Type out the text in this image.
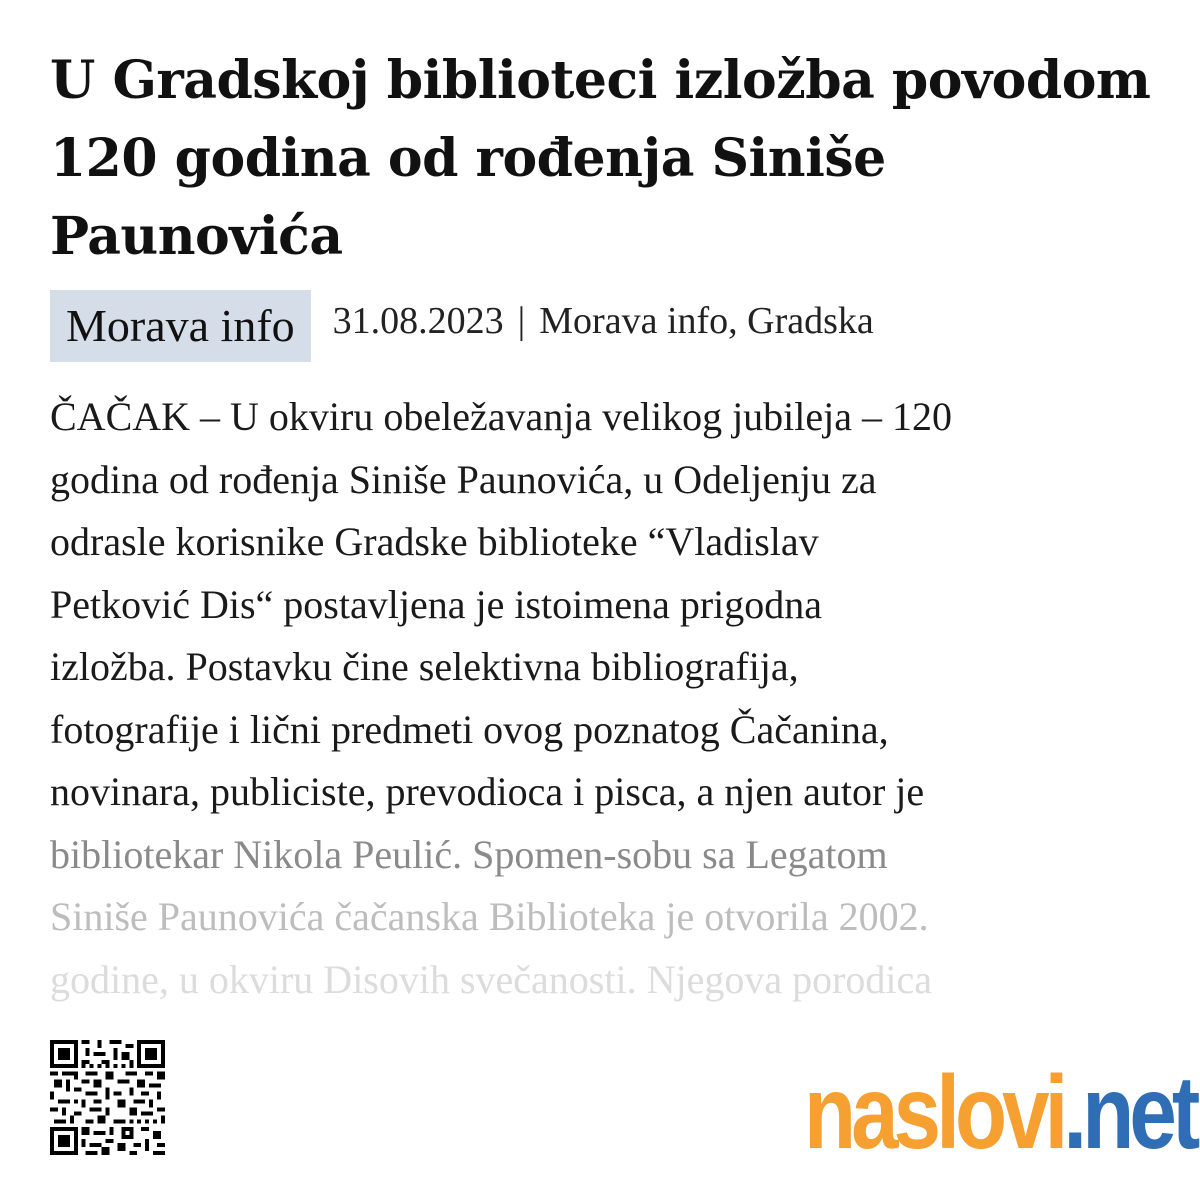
U Gradskoj biblioteci izložba povodom 120 godina od rođenja Siniše Paunovića
Morava info	31.08.2023 | Morava info, Gradska
ČAČAK – U okviru obeležavanja velikog jubileja – 120
godina od rođenja Siniše Paunovića, u Odeljenju za
odrasle korisnike Gradske biblioteke “Vladislav
Petković Dis“ postavljena je istoimena prigodna
izložba. Postavku čine selektivna bibliografija,
fotografije i lični predmeti ovog poznatog Čačanina,
novinara, publiciste, prevodioca i pisca, a njen autor je
bibliotekar Nikola Peulić. Spomen-sobu sa Legatom
Siniše Paunovića čačanska Biblioteka je otvorila 2002.
godine, u okviru Disovih svečanosti. Njegova porodica
naslovi.net
